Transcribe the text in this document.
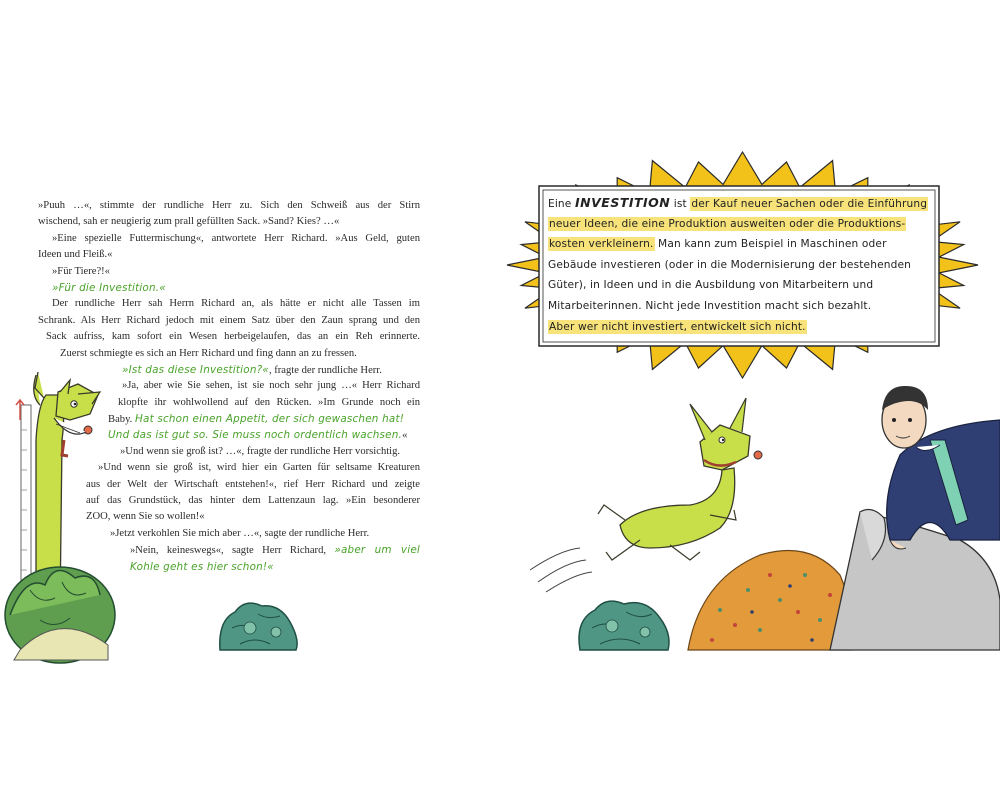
»Puuh …«, stimmte der rundliche Herr zu. Sich den Schweiß aus der Stirn
wischend, sah er neugierig zum prall gefüllten Sack. »Sand? Kies? …«
»Eine spezielle Futtermischung«, antwortete Herr Richard. »Aus Geld, guten
Ideen und Fleiß.«
»Für Tiere?!«
»Für die Investition.«
Der rundliche Herr sah Herrn Richard an, als hätte er nicht alle Tassen im
Schrank. Als Herr Richard jedoch mit einem Satz über den Zaun sprang und den
Sack aufriss, kam sofort ein Wesen herbeigelaufen, das an ein Reh erinnerte.
Zuerst schmiegte es sich an Herr Richard und fing dann an zu fressen.
»Ist das diese Investition?«, fragte der rundliche Herr.
»Ja, aber wie Sie sehen, ist sie noch sehr jung …« Herr Richard
klopfte ihr wohlwollend auf den Rücken. »Im Grunde noch ein
Baby. Hat schon einen Appetit, der sich gewaschen hat!
Und das ist gut so. Sie muss noch ordentlich wachsen.«
»Und wenn sie groß ist? …«, fragte der rundliche Herr vorsichtig.
»Und wenn sie groß ist, wird hier ein Garten für seltsame Kreaturen
aus der Welt der Wirtschaft entstehen!«, rief Herr Richard und zeigte
auf das Grundstück, das hinter dem Lattenzaun lag. »Ein besonderer
ZOO, wenn Sie so wollen!«
»Jetzt verkohlen Sie mich aber …«, sagte der rundliche Herr.
»Nein, keineswegs«, sagte Herr Richard, »aber um viel
Kohle geht es hier schon!«
Eine INVESTITION ist der Kauf neuer Sachen oder die Einführung
neuer Ideen, die eine Produktion ausweiten oder die Produktions-
kosten verkleinern. Man kann zum Beispiel in Maschinen oder
Gebäude investieren (oder in die Modernisierung der bestehenden
Güter), in Ideen und in die Ausbildung von Mitarbeitern und
Mitarbeiterinnen. Nicht jede Investition macht sich bezahlt.
Aber wer nicht investiert, entwickelt sich nicht.
